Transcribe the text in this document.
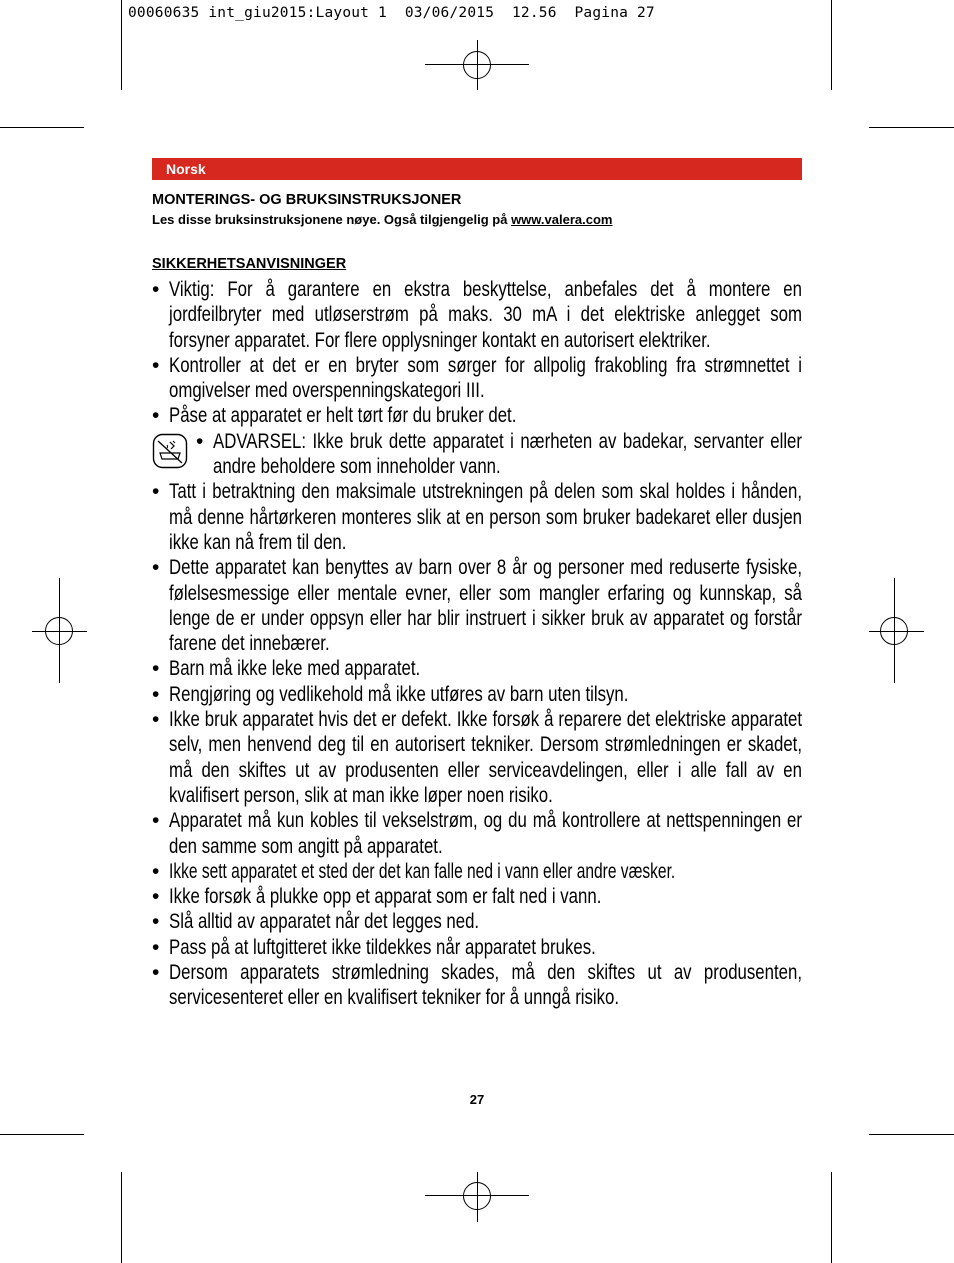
00060635 int_giu2015:Layout 1  03/06/2015  12.56  Pagina 27
Norsk
MONTERINGS- OG BRUKSINSTRUKSJONER
Les disse bruksinstruksjonene nøye. Også tilgjengelig på www.valera.com
SIKKERHETSANVISNINGER
• Viktig: For å garantere en ekstra beskyttelse, anbefales det å montere en jordfeilbryter med utløserstrøm på maks. 30 mA i det elektriske anlegget som forsyner apparatet. For flere opplysninger kontakt en autorisert elektriker.
• Kontroller at det er en bryter som sørger for allpolig frakobling fra strømnettet i omgivelser med overspenningskategori III.
• Påse at apparatet er helt tørt før du bruker det.
• ADVARSEL: Ikke bruk dette apparatet i nærheten av badekar, servanter eller andre beholdere som inneholder vann.
• Tatt i betraktning den maksimale utstrekningen på delen som skal holdes i hånden, må denne hårtørkeren monteres slik at en person som bruker badekaret eller dusjen ikke kan nå frem til den.
• Dette apparatet kan benyttes av barn over 8 år og personer med reduserte fysiske, følelsesmessige eller mentale evner, eller som mangler erfaring og kunnskap, så lenge de er under oppsyn eller har blir instruert i sikker bruk av apparatet og forstår farene det innebærer.
• Barn må ikke leke med apparatet.
• Rengjøring og vedlikehold må ikke utføres av barn uten tilsyn.
• Ikke bruk apparatet hvis det er defekt. Ikke forsøk å reparere det elektriske apparatet selv, men henvend deg til en autorisert tekniker. Dersom strømledningen er skadet, må den skiftes ut av produsenten eller serviceavdelingen, eller i alle fall av en kvalifisert person, slik at man ikke løper noen risiko.
• Apparatet må kun kobles til vekselstrøm, og du må kontrollere at nettspenningen er den samme som angitt på apparatet.
• Ikke sett apparatet et sted der det kan falle ned i vann eller andre væsker.
• Ikke forsøk å plukke opp et apparat som er falt ned i vann.
• Slå alltid av apparatet når det legges ned.
• Pass på at luftgitteret ikke tildekkes når apparatet brukes.
• Dersom apparatets strømledning skades, må den skiftes ut av produsenten, servicesenteret eller en kvalifisert tekniker for å unngå risiko.
27
